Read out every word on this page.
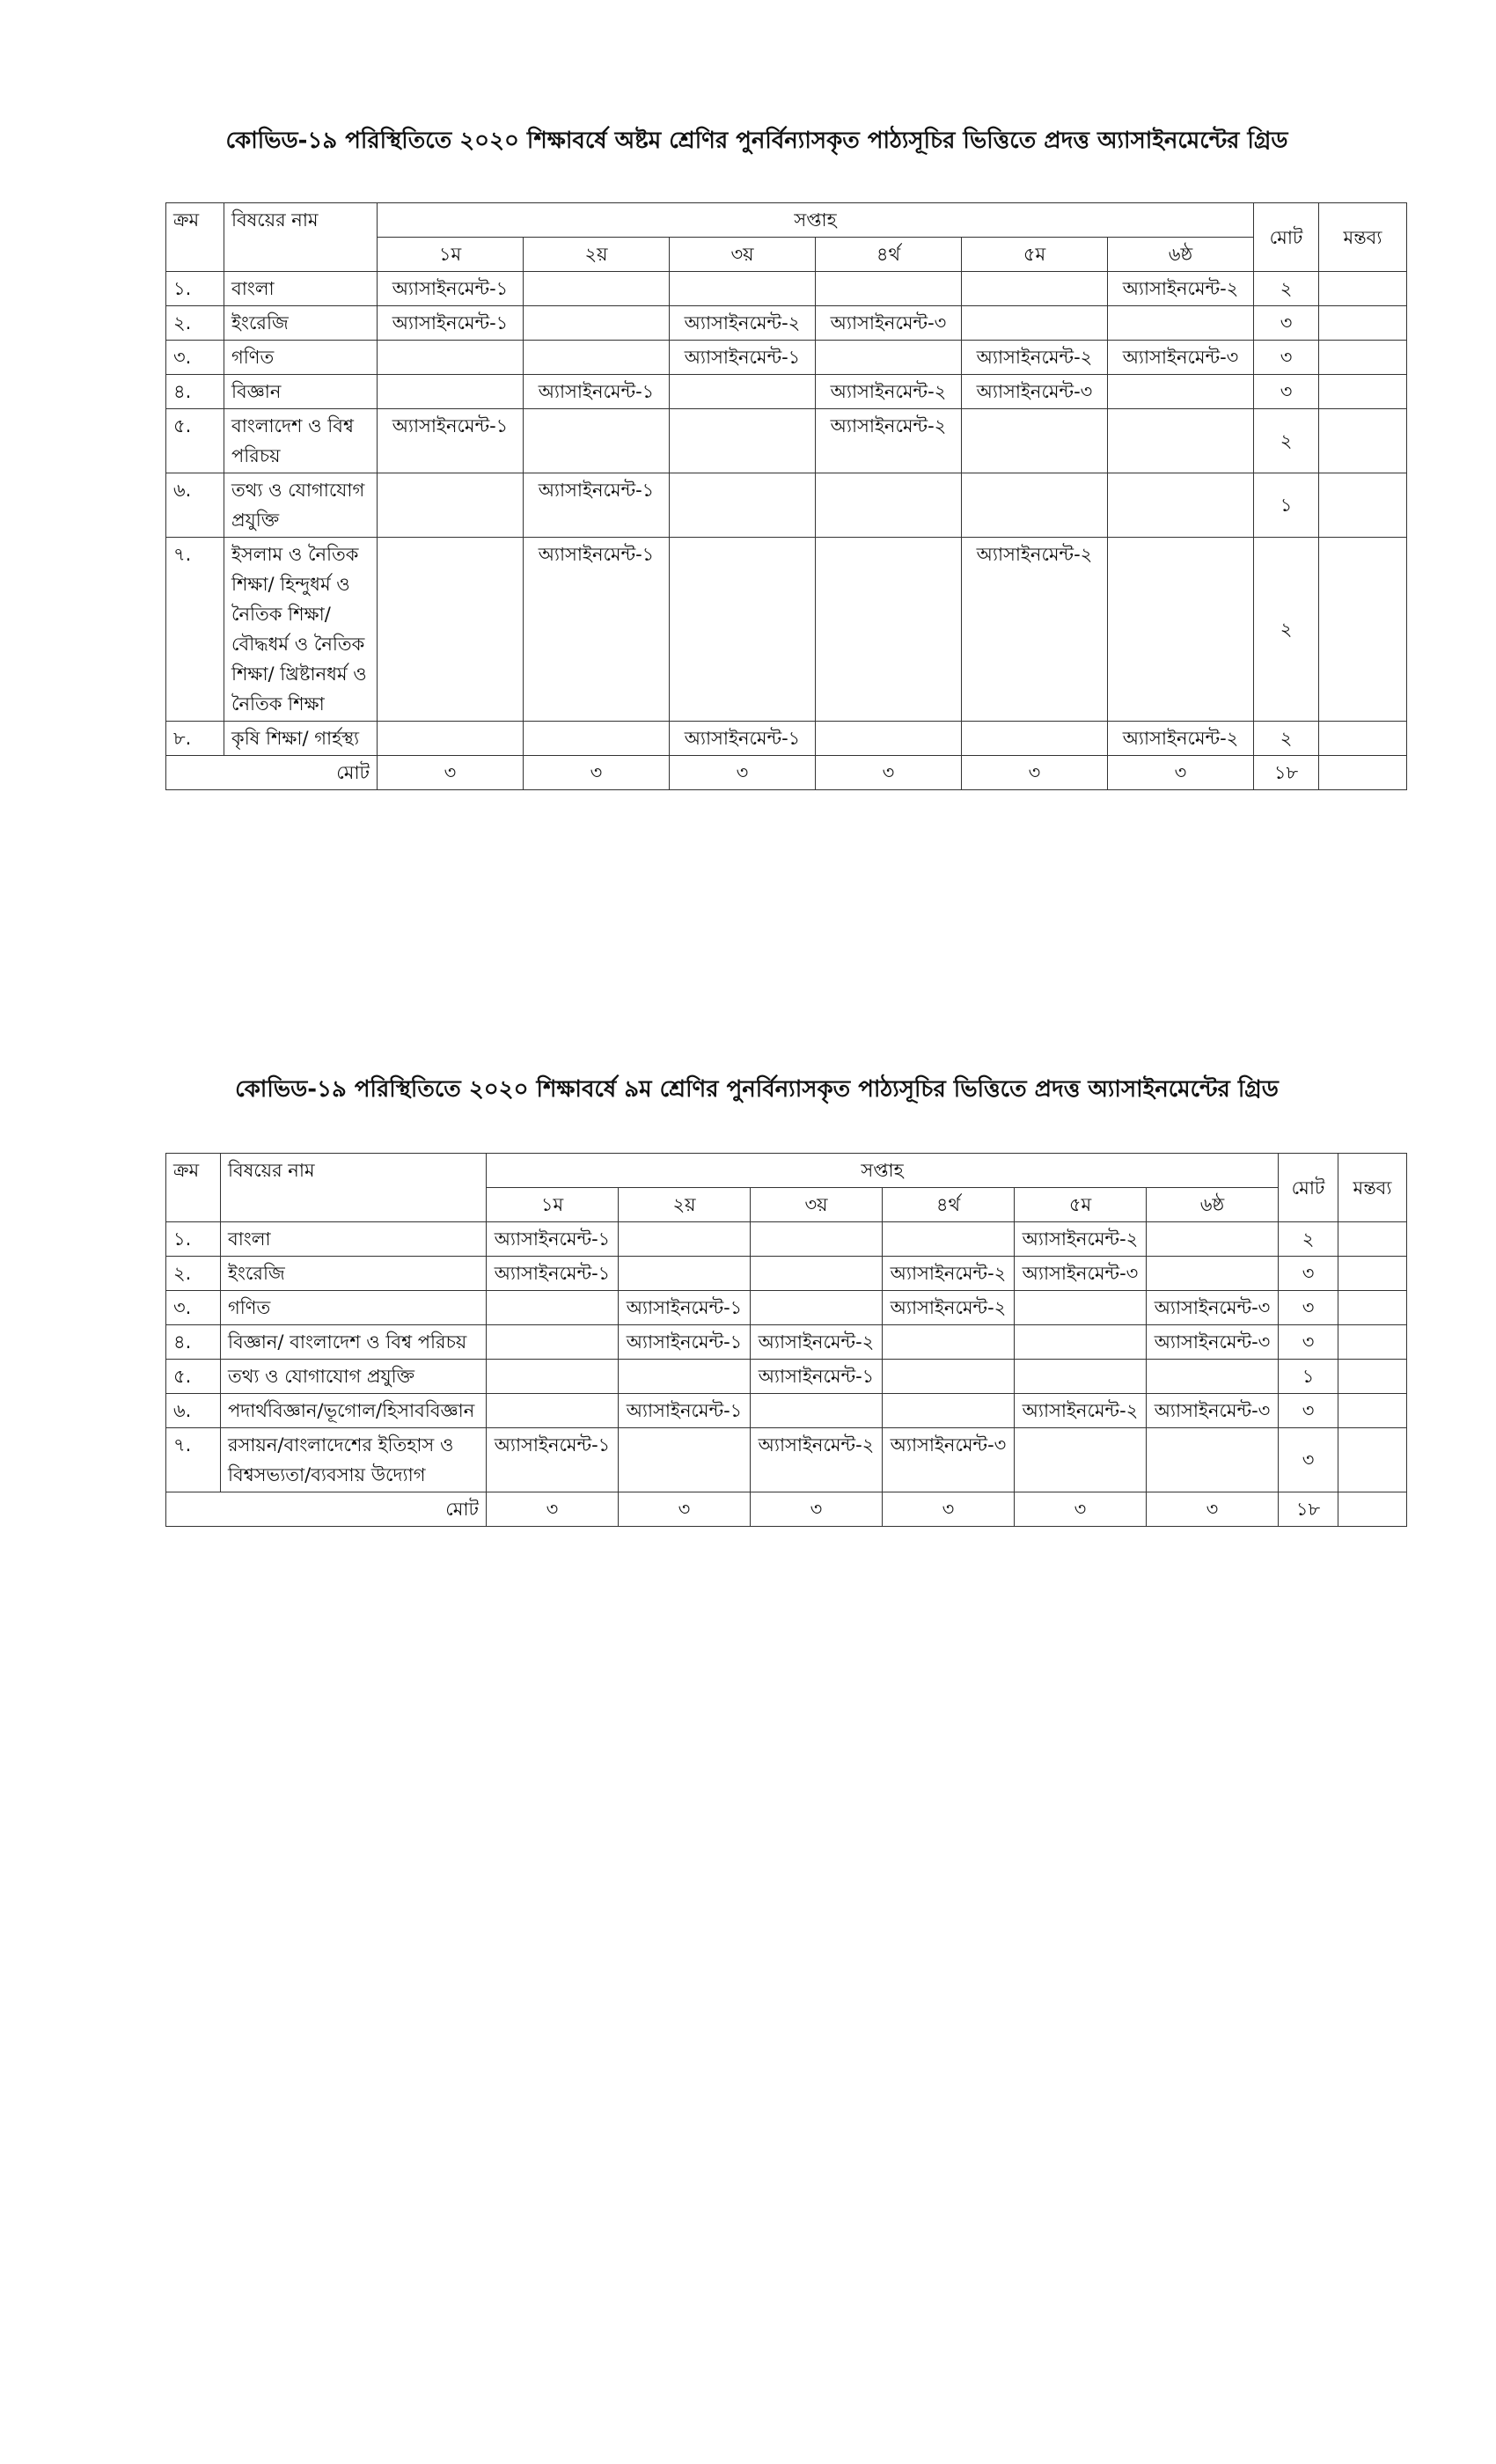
কোভিড-১৯ পরিস্থিতিতে ২০২০ শিক্ষাবর্ষে অষ্টম শ্রেণির পুনর্বিন্যাসকৃত পাঠ্যসূচির ভিত্তিতে প্রদত্ত অ্যাসাইনমেন্টের গ্রিড
ক্রম	বিষয়ের নাম	সপ্তাহ						মোট	মন্তব্য
		১ম	২য়	৩য়	৪র্থ	৫ম	৬ষ্ঠ		
১.	বাংলা	অ্যাসাইনমেন্ট-১					অ্যাসাইনমেন্ট-২	২	
২.	ইংরেজি	অ্যাসাইনমেন্ট-১		অ্যাসাইনমেন্ট-২	অ্যাসাইনমেন্ট-৩			৩	
৩.	গণিত			অ্যাসাইনমেন্ট-১		অ্যাসাইনমেন্ট-২	অ্যাসাইনমেন্ট-৩	৩	
৪.	বিজ্ঞান		অ্যাসাইনমেন্ট-১		অ্যাসাইনমেন্ট-২	অ্যাসাইনমেন্ট-৩		৩	
৫.	বাংলাদেশ ও বিশ্ব পরিচয়	অ্যাসাইনমেন্ট-১			অ্যাসাইনমেন্ট-২			২	
৬.	তথ্য ও যোগাযোগ প্রযুক্তি		অ্যাসাইনমেন্ট-১					১	
৭.	ইসলাম ও নৈতিক শিক্ষা/ হিন্দুধর্ম ও নৈতিক শিক্ষা/ বৌদ্ধধর্ম ও নৈতিক শিক্ষা/ খ্রিষ্টানধর্ম ও নৈতিক শিক্ষা		অ্যাসাইনমেন্ট-১			অ্যাসাইনমেন্ট-২		২	
৮.	কৃষি শিক্ষা/ গার্হস্থ্য			অ্যাসাইনমেন্ট-১			অ্যাসাইনমেন্ট-২	২	
মোট		৩	৩	৩	৩	৩	৩	১৮	
কোভিড-১৯ পরিস্থিতিতে ২০২০ শিক্ষাবর্ষে ৯ম শ্রেণির পুনর্বিন্যাসকৃত পাঠ্যসূচির ভিত্তিতে প্রদত্ত অ্যাসাইনমেন্টের গ্রিড
ক্রম	বিষয়ের নাম	সপ্তাহ						মোট	মন্তব্য
		১ম	২য়	৩য়	৪র্থ	৫ম	৬ষ্ঠ		
১.	বাংলা	অ্যাসাইনমেন্ট-১				অ্যাসাইনমেন্ট-২		২	
২.	ইংরেজি	অ্যাসাইনমেন্ট-১			অ্যাসাইনমেন্ট-২	অ্যাসাইনমেন্ট-৩		৩	
৩.	গণিত		অ্যাসাইনমেন্ট-১		অ্যাসাইনমেন্ট-২		অ্যাসাইনমেন্ট-৩	৩	
৪.	বিজ্ঞান/ বাংলাদেশ ও বিশ্ব পরিচয়		অ্যাসাইনমেন্ট-১	অ্যাসাইনমেন্ট-২			অ্যাসাইনমেন্ট-৩	৩	
৫.	তথ্য ও যোগাযোগ প্রযুক্তি			অ্যাসাইনমেন্ট-১				১	
৬.	পদার্থবিজ্ঞান/ভূগোল/হিসাববিজ্ঞান		অ্যাসাইনমেন্ট-১			অ্যাসাইনমেন্ট-২	অ্যাসাইনমেন্ট-৩	৩	
৭.	রসায়ন/বাংলাদেশের ইতিহাস ও বিশ্বসভ্যতা/ব্যবসায় উদ্যোগ	অ্যাসাইনমেন্ট-১		অ্যাসাইনমেন্ট-২	অ্যাসাইনমেন্ট-৩			৩	
মোট		৩	৩	৩	৩	৩	৩	১৮	
